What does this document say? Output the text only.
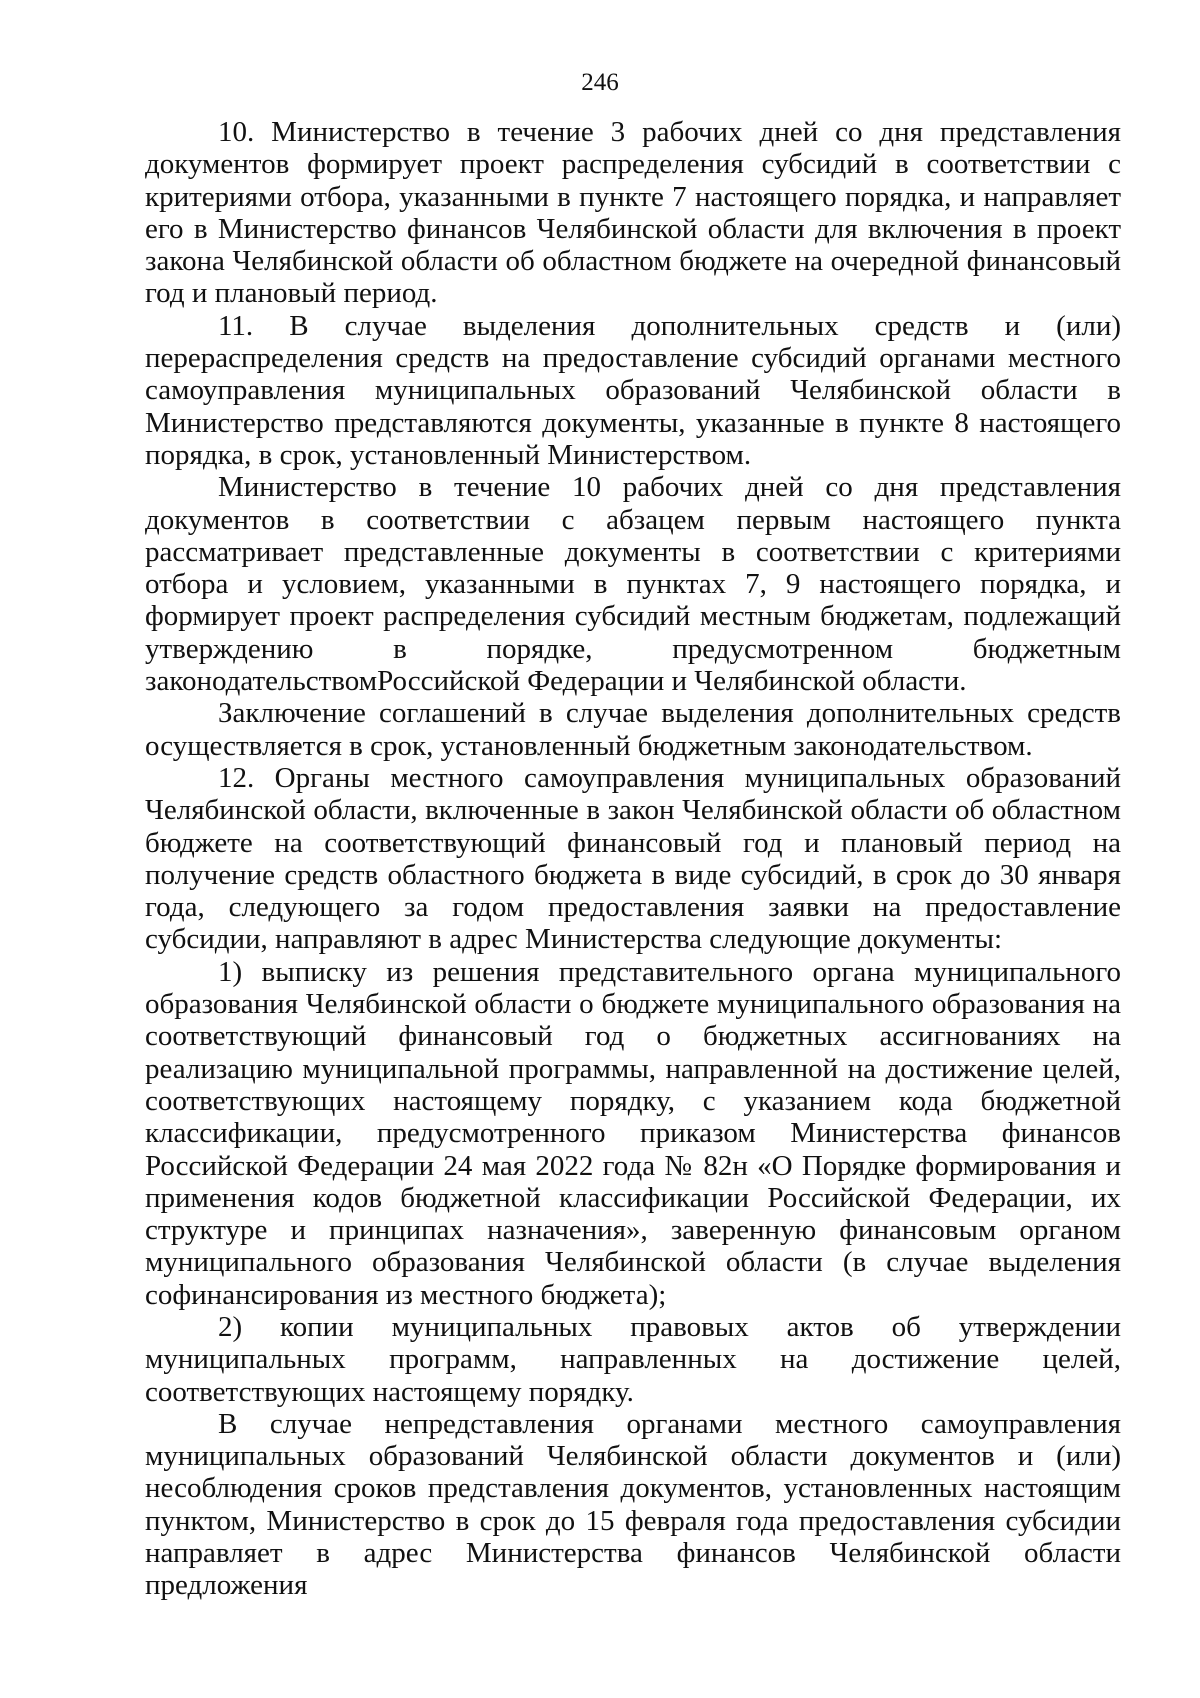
246

10. Министерство в течение 3 рабочих дней со дня представления документов формирует проект распределения субсидий в соответствии с критериями отбора, указанными в пункте 7 настоящего порядка, и направляет его в Министерство финансов Челябинской области для включения в проект закона Челябинской области об областном бюджете на очередной финансовый год и плановый период.

11. В случае выделения дополнительных средств и (или) перераспределения средств на предоставление субсидий органами местного самоуправления муниципальных образований Челябинской области в Министерство представляются документы, указанные в пункте 8 настоящего порядка, в срок, установленный Министерством.

Министерство в течение 10 рабочих дней со дня представления документов в соответствии с абзацем первым настоящего пункта рассматривает представленные документы в соответствии с критериями отбора и условием, указанными в пунктах 7, 9 настоящего порядка, и формирует проект распределения субсидий местным бюджетам, подлежащий утверждению в порядке, предусмотренном бюджетным законодательствомРоссийской Федерации и Челябинской области.

Заключение соглашений в случае выделения дополнительных средств осуществляется в срок, установленный бюджетным законодательством.

12. Органы местного самоуправления муниципальных образований Челябинской области, включенные в закон Челябинской области об областном бюджете на соответствующий финансовый год и плановый период на получение средств областного бюджета в виде субсидий, в срок до 30 января года, следующего за годом предоставления заявки на предоставление субсидии, направляют в адрес Министерства следующие документы:

1) выписку из решения представительного органа муниципального образования Челябинской области о бюджете муниципального образования на соответствующий финансовый год о бюджетных ассигнованиях на реализацию муниципальной программы, направленной на достижение целей, соответствующих настоящему порядку, с указанием кода бюджетной классификации, предусмотренного приказом Министерства финансов Российской Федерации 24 мая 2022 года № 82н «О Порядке формирования и применения кодов бюджетной классификации Российской Федерации, их структуре и принципах назначения», заверенную финансовым органом муниципального образования Челябинской области (в случае выделения софинансирования из местного бюджета);

2) копии муниципальных правовых актов об утверждении муниципальных программ, направленных на достижение целей, соответствующих настоящему порядку.

В случае непредставления органами местного самоуправления муниципальных образований Челябинской области документов и (или) несоблюдения сроков представления документов, установленных настоящим пунктом, Министерство в срок до 15 февраля года предоставления субсидии направляет в адрес Министерства финансов Челябинской области предложения
